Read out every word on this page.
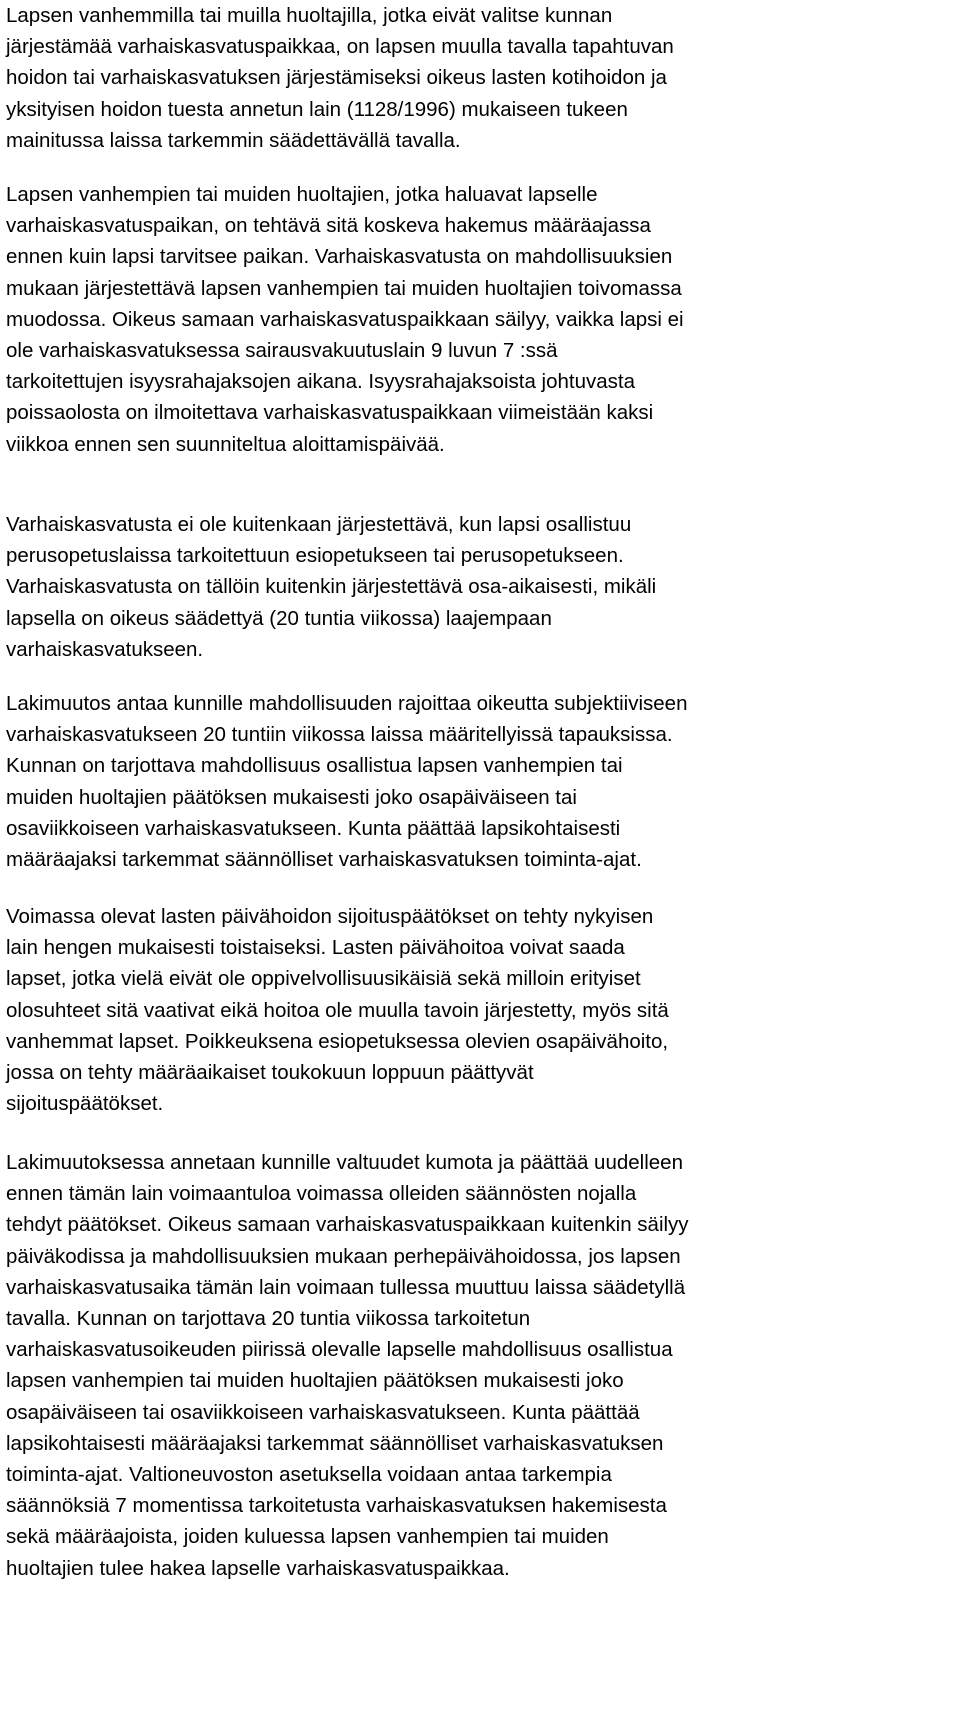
Lapsen vanhemmilla tai muilla huoltajilla, jotka eivät valitse kunnan
järjestämää varhaiskasvatuspaikkaa, on lapsen muulla tavalla tapahtuvan
hoidon tai varhaiskasvatuksen järjestämiseksi oikeus lasten kotihoidon ja
yksityisen hoidon tuesta annetun lain (1128/1996) mukaiseen tukeen
mainitussa laissa tarkemmin säädettävällä tavalla.
Lapsen vanhempien tai muiden huoltajien, jotka haluavat lapselle
varhaiskasvatuspaikan, on tehtävä sitä koskeva hakemus määräajassa
ennen kuin lapsi tarvitsee paikan. Varhaiskasvatusta on mahdollisuuksien
mukaan järjestettävä lapsen vanhempien tai muiden huoltajien toivomassa
muodossa. Oikeus samaan varhaiskasvatuspaikkaan säilyy, vaikka lapsi ei
ole varhaiskasvatuksessa sairausvakuutuslain 9 luvun 7 :ssä
tarkoitettujen isyysrahajaksojen aikana. Isyysrahajaksoista johtuvasta
poissaolosta on ilmoitettava varhaiskasvatuspaikkaan viimeistään kaksi
viikkoa ennen sen suunniteltua aloittamispäivää.
Varhaiskasvatusta ei ole kuitenkaan järjestettävä, kun lapsi osallistuu
perusopetuslaissa tarkoitettuun esiopetukseen tai perusopetukseen.
Varhaiskasvatusta on tällöin kuitenkin järjestettävä osa-aikaisesti, mikäli
lapsella on oikeus säädettyä (20 tuntia viikossa) laajempaan
varhaiskasvatukseen.
Lakimuutos antaa kunnille mahdollisuuden rajoittaa oikeutta subjektiiviseen
varhaiskasvatukseen 20 tuntiin viikossa laissa määritellyissä tapauksissa.
Kunnan on tarjottava mahdollisuus osallistua lapsen vanhempien tai
muiden huoltajien päätöksen mukaisesti joko osapäiväiseen tai
osaviikkoiseen varhaiskasvatukseen. Kunta päättää lapsikohtaisesti
määräajaksi tarkemmat säännölliset varhaiskasvatuksen toiminta-ajat.
Voimassa olevat lasten päivähoidon sijoituspäätökset on tehty nykyisen
lain hengen mukaisesti toistaiseksi. Lasten päivähoitoa voivat saada
lapset, jotka vielä eivät ole oppivelvollisuusikäisiä sekä milloin erityiset
olosuhteet sitä vaativat eikä hoitoa ole muulla tavoin järjestetty, myös sitä
vanhemmat lapset. Poikkeuksena esiopetuksessa olevien osapäivähoito,
jossa on tehty määräaikaiset toukokuun loppuun päättyvät
sijoituspäätökset.
Lakimuutoksessa annetaan kunnille valtuudet kumota ja päättää uudelleen
ennen tämän lain voimaantuloa voimassa olleiden säännösten nojalla
tehdyt päätökset. Oikeus samaan varhaiskasvatuspaikkaan kuitenkin säilyy
päiväkodissa ja mahdollisuuksien mukaan perhepäivähoidossa, jos lapsen
varhaiskasvatusaika tämän lain voimaan tullessa muuttuu laissa säädetyllä
tavalla. Kunnan on tarjottava 20 tuntia viikossa tarkoitetun
varhaiskasvatusoikeuden piirissä olevalle lapselle mahdollisuus osallistua
lapsen vanhempien tai muiden huoltajien päätöksen mukaisesti joko
osapäiväiseen tai osaviikkoiseen varhaiskasvatukseen. Kunta päättää
lapsikohtaisesti määräajaksi tarkemmat säännölliset varhaiskasvatuksen
toiminta-ajat. Valtioneuvoston asetuksella voidaan antaa tarkempia
säännöksiä 7 momentissa tarkoitetusta varhaiskasvatuksen hakemisesta
sekä määräajoista, joiden kuluessa lapsen vanhempien tai muiden
huoltajien tulee hakea lapselle varhaiskasvatuspaikkaa.
